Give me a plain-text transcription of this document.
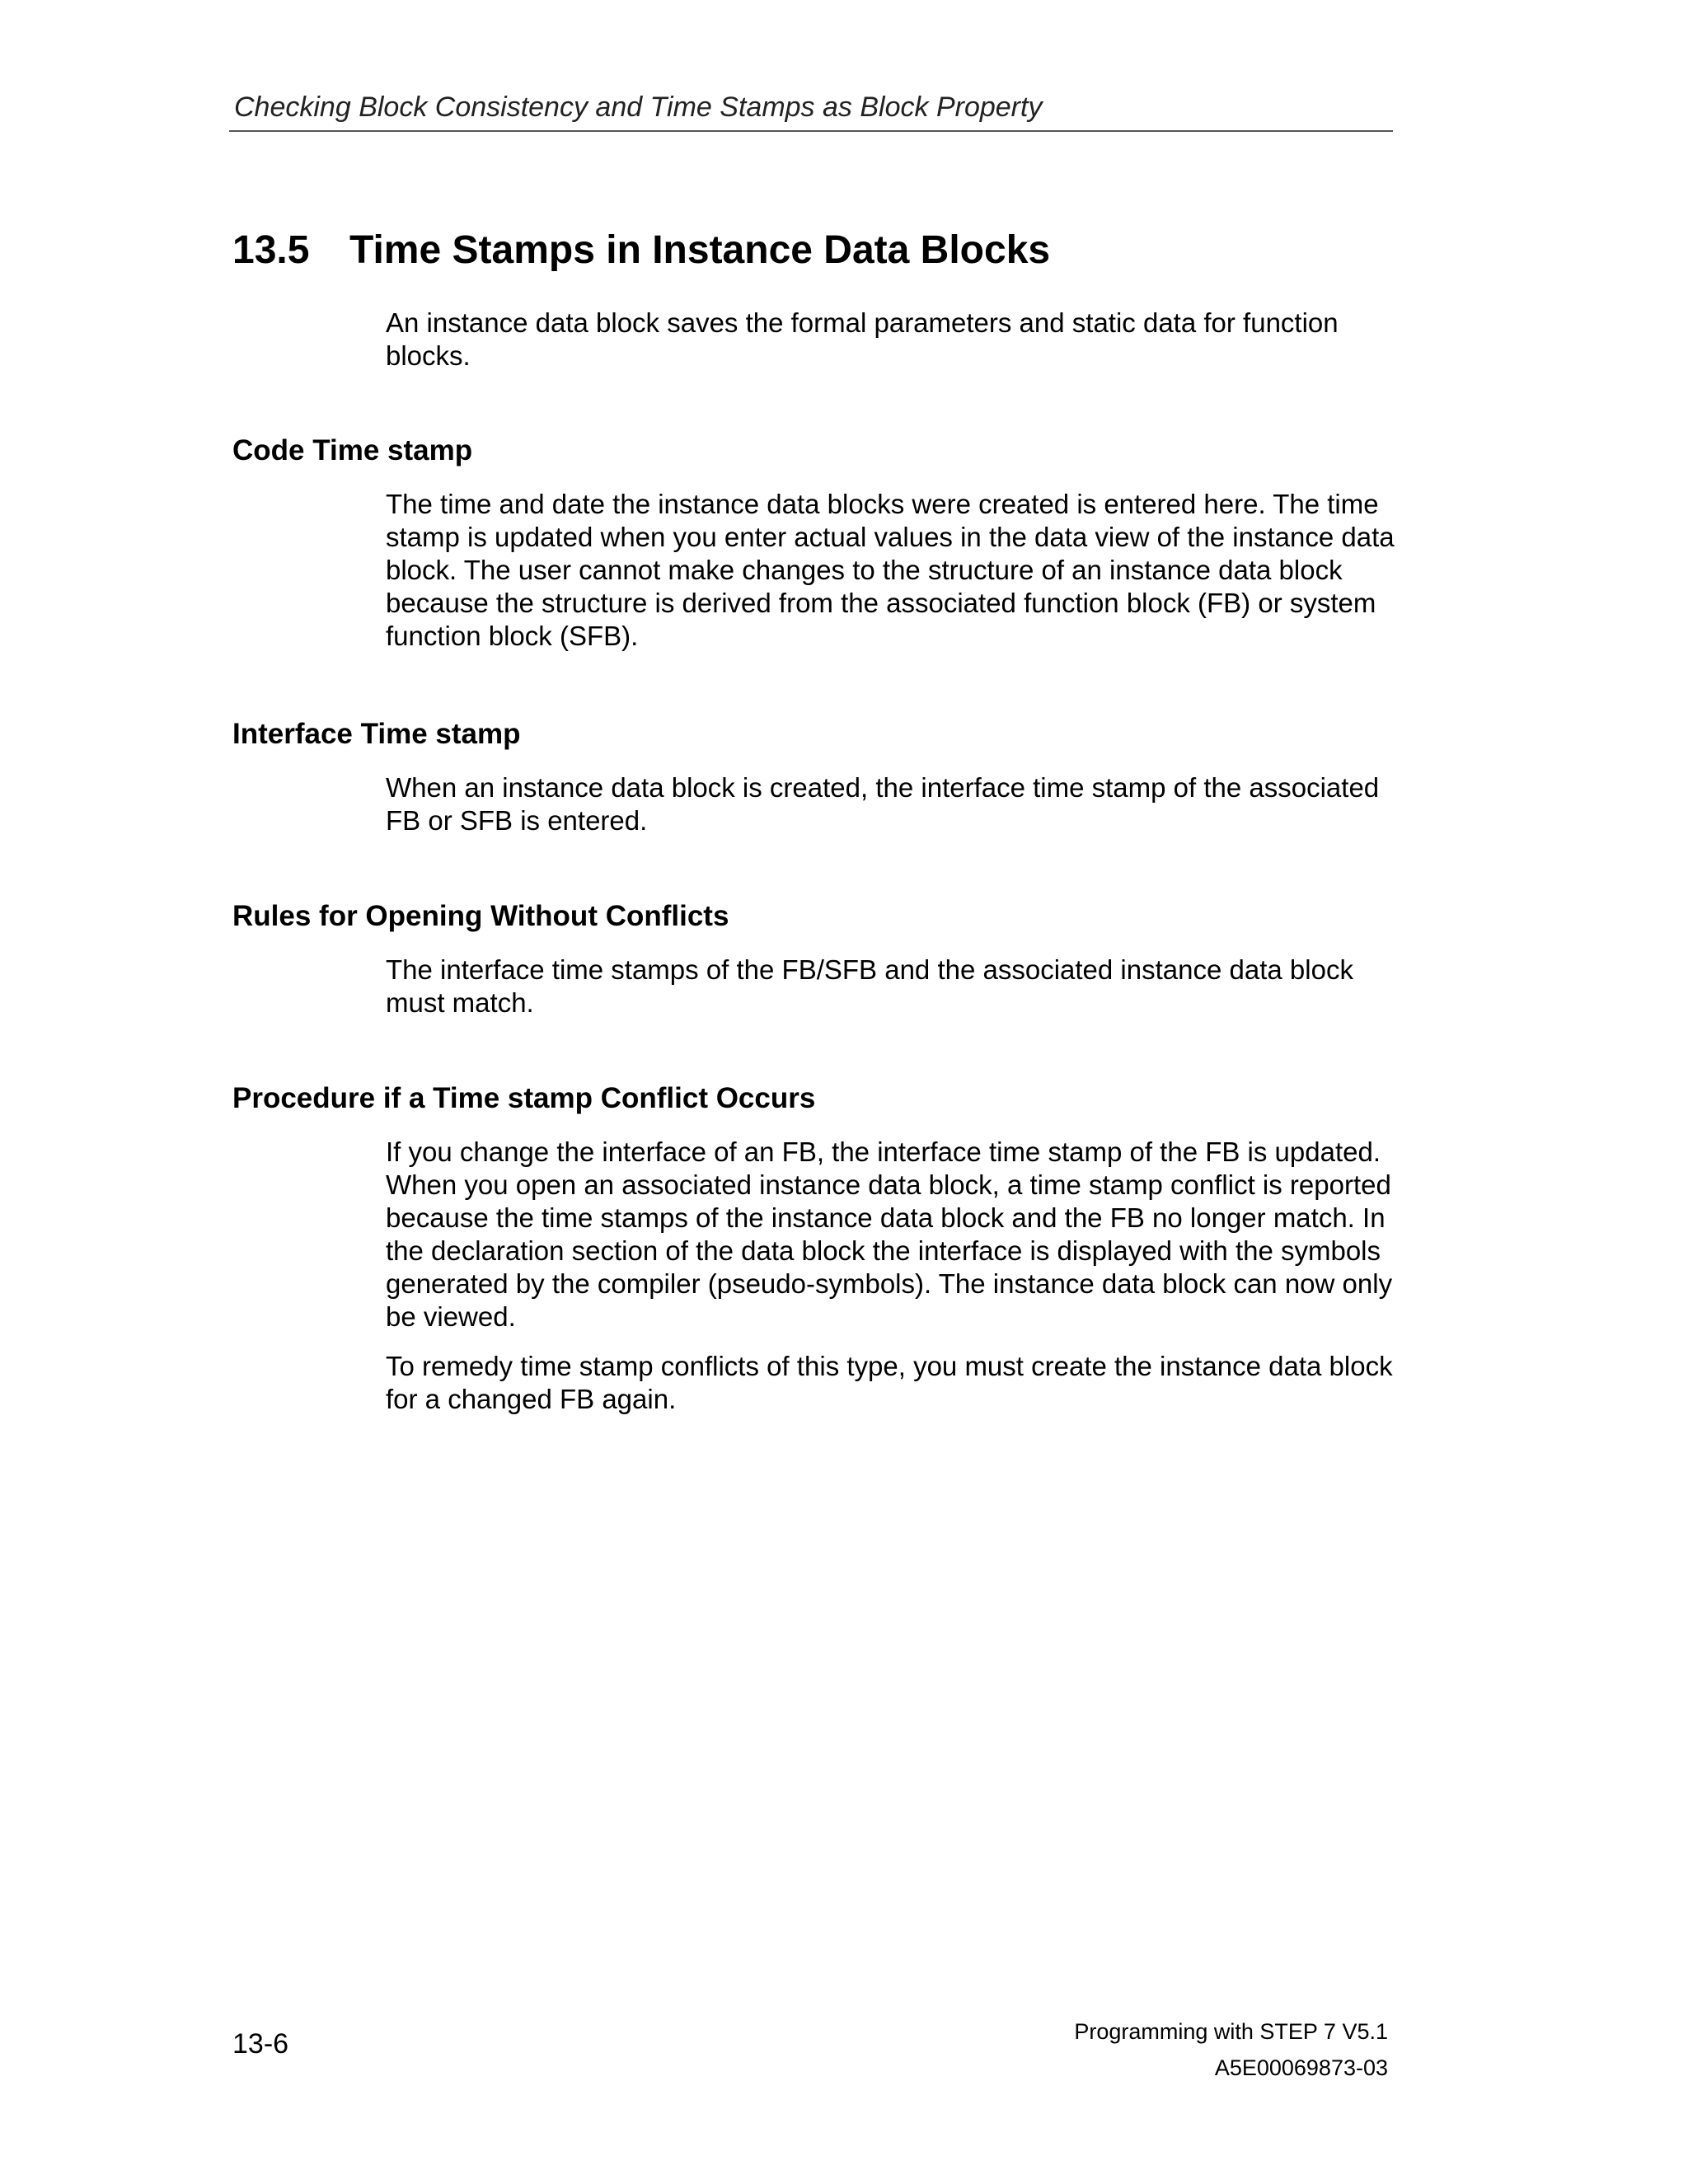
Checking Block Consistency and Time Stamps as Block Property
13.5 Time Stamps in Instance Data Blocks

An instance data block saves the formal parameters and static data for function blocks.

Code Time stamp

The time and date the instance data blocks were created is entered here. The time stamp is updated when you enter actual values in the data view of the instance data block. The user cannot make changes to the structure of an instance data block because the structure is derived from the associated function block (FB) or system function block (SFB).

Interface Time stamp

When an instance data block is created, the interface time stamp of the associated FB or SFB is entered.

Rules for Opening Without Conflicts

The interface time stamps of the FB/SFB and the associated instance data block must match.

Procedure if a Time stamp Conflict Occurs

If you change the interface of an FB, the interface time stamp of the FB is updated. When you open an associated instance data block, a time stamp conflict is reported because the time stamps of the instance data block and the FB no longer match. In the declaration section of the data block the interface is displayed with the symbols generated by the compiler (pseudo-symbols). The instance data block can now only be viewed.

To remedy time stamp conflicts of this type, you must create the instance data block for a changed FB again.

Programming with STEP 7 V5.1
13-6
A5E00069873-03
